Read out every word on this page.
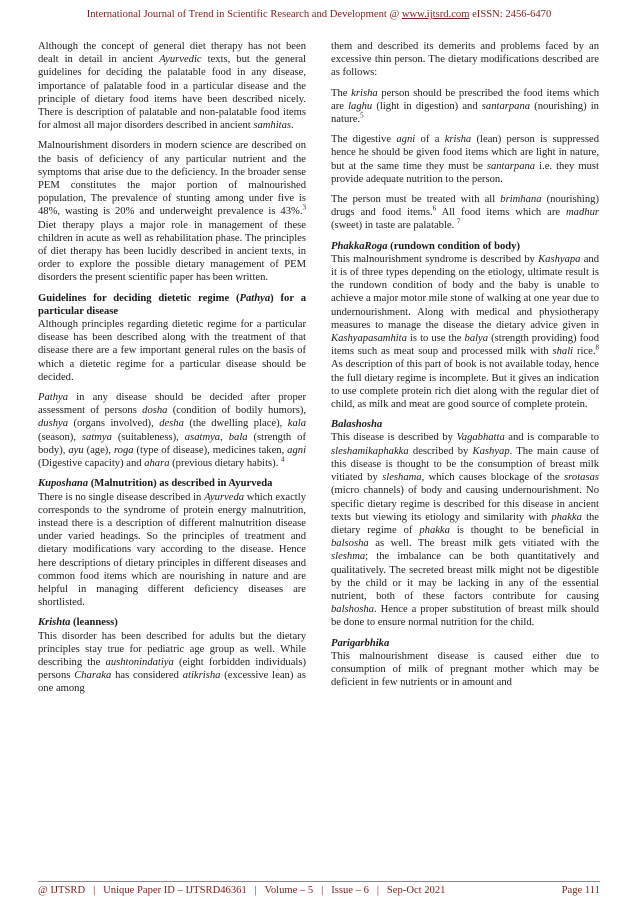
International Journal of Trend in Scientific Research and Development @ www.ijtsrd.com eISSN: 2456-6470

Although the concept of general diet therapy has not been dealt in detail in ancient Ayurvedic texts, but the general guidelines for deciding the palatable food in any disease, importance of palatable food in a particular disease and the principle of dietary food items have been described nicely. There is description of palatable and non-palatable food items for almost all major disorders described in ancient samhitas.

Malnourishment disorders in modern science are described on the basis of deficiency of any particular nutrient and the symptoms that arise due to the deficiency. In the broader sense PEM constitutes the major portion of malnourished population, The prevalence of stunting among under five is 48%, wasting is 20% and underweight prevalence is 43%.$^3$ Diet therapy plays a major role in management of these children in acute as well as rehabilitation phase. The principles of diet therapy has been lucidly described in ancient texts, in order to explore the possible dietary management of PEM disorders the present scientific paper has been written.

Guidelines for deciding dietetic regime (Pathya) for a particular disease

Although principles regarding dietetic regime for a particular disease has been described along with the treatment of that disease there are a few important general rules on the basis of which a dietetic regime for a particular disease should be decided.

Pathya in any disease should be decided after proper assessment of persons dosha (condition of bodily humors), dushya (organs involved), desha (the dwelling place), kala (season), satmya (suitableness), asatmya, bala (strength of body), ayu (age), roga (type of disease), medicines taken, agni (Digestive capacity) and ahara (previous dietary habits). $^4$

Kuposhana (Malnutrition) as described in Ayurveda

There is no single disease described in Ayurveda which exactly corresponds to the syndrome of protein energy malnutrition, instead there is a description of different malnutrition disease under varied headings. So the principles of treatment and dietary modifications vary according to the disease. Hence here descriptions of dietary principles in different diseases and common food items which are nourishing in nature and are helpful in managing different deficiency diseases are shortlisted.

Krishta (leanness)

This disorder has been described for adults but the dietary principles stay true for pediatric age group as well. While describing the aushtonindatiya (eight forbidden individuals) persons Charaka has considered atikrisha (excessive lean) as one among

them and described its demerits and problems faced by an excessive thin person. The dietary modifications described are as follows:

The krisha person should be prescribed the food items which are laghu (light in digestion) and santarpana (nourishing) in nature.$^5$

The digestive agni of a krisha (lean) person is suppressed hence he should be given food items which are light in nature, but at the same time they must be santarpana i.e. they must provide adequate nutrition to the person.

The person must be treated with all brimhana (nourishing) drugs and food items.$^6$ All food items which are madhur (sweet) in taste are palatable. $^7$

PhakkaRoga (rundown condition of body)

This malnourishment syndrome is described by Kashyapa and it is of three types depending on the etiology, ultimate result is the rundown condition of body and the baby is unable to achieve a major motor mile stone of walking at one year due to undernourishment. Along with medical and physiotherapy measures to manage the disease the dietary advice given in Kashyapasamhita is to use the balya (strength providing) food items such as meat soup and processed milk with shali rice.$^8$ As description of this part of book is not available today, hence the full dietary regime is incomplete. But it gives an indication to use complete protein rich diet along with the regular diet of child, as milk and meat are good source of complete protein.

Balashosha

This disease is described by Vagabhatta and is comparable to sleshamikaphakka described by Kashyap. The main cause of this disease is thought to be the consumption of breast milk vitiated by sleshama, which causes blockage of the srotasas (micro channels) of body and causing undernourishment. No specific dietary regime is described for this disease in ancient texts but viewing its etiology and similarity with phakka the dietary regime of phakka is thought to be beneficial in balsosha as well. The breast milk gets vitiated with the sleshma; the imbalance can be both quantitatively and qualitatively. The secreted breast milk might not be digestible by the child or it may be lacking in any of the essential nutrient, both of these factors contribute for causing balshosha. Hence a proper substitution of breast milk should be done to ensure normal nutrition for the child.

Parigarbhika

This malnourishment disease is caused either due to consumption of milk of pregnant mother which may be deficient in few nutrients or in amount and

@ IJTSRD   |   Unique Paper ID – IJTSRD46361   |   Volume – 5   |   Issue – 6   |   Sep-Oct 2021	Page 111
